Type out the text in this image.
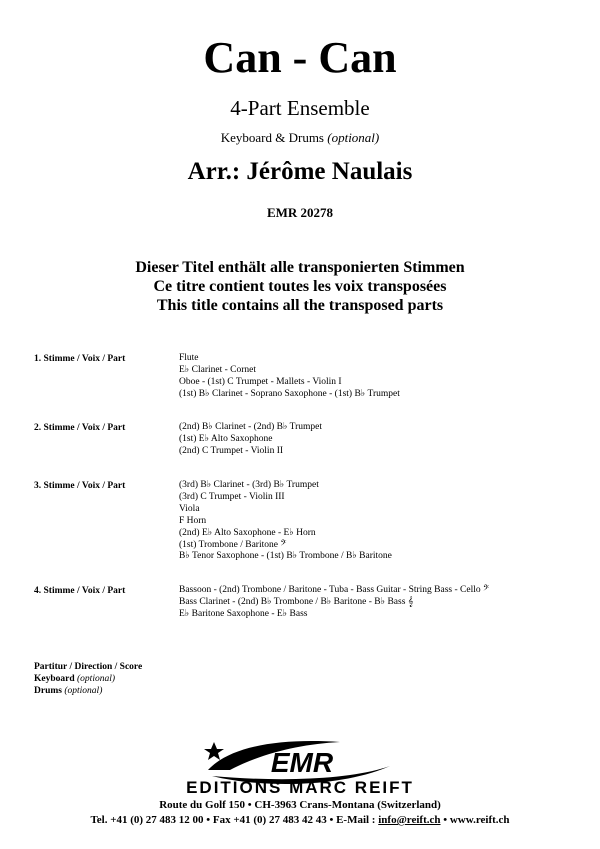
Can - Can
4-Part Ensemble
Keyboard & Drums (optional)
Arr.: Jérôme Naulais
EMR 20278
Dieser Titel enthält alle transponierten Stimmen
Ce titre contient toutes les voix transposées
This title contains all the transposed parts
1. Stimme / Voix / Part	Flute
E♭ Clarinet - Cornet
Oboe - (1st) C Trumpet - Mallets - Violin I
(1st) B♭ Clarinet - Soprano Saxophone - (1st) B♭ Trumpet
2. Stimme / Voix / Part	(2nd) B♭ Clarinet - (2nd) B♭ Trumpet
(1st) E♭ Alto Saxophone
(2nd) C Trumpet - Violin II
3. Stimme / Voix / Part	(3rd) B♭ Clarinet - (3rd) B♭ Trumpet
(3rd) C Trumpet - Violin III
Viola
F Horn
(2nd) E♭ Alto Saxophone - E♭ Horn
(1st) Trombone / Baritone 𝄢
B♭ Tenor Saxophone - (1st) B♭ Trombone / B♭ Baritone
4. Stimme / Voix / Part	Bassoon - (2nd) Trombone / Baritone - Tuba - Bass Guitar - String Bass - Cello 𝄢
Bass Clarinet - (2nd) B♭ Trombone / B♭ Baritone - B♭ Bass 𝄞
E♭ Baritone Saxophone - E♭ Bass
Partitur / Direction / Score
Keyboard (optional)
Drums (optional)
EMR
EDITIONS MARC REIFT
Route du Golf 150 • CH-3963 Crans-Montana (Switzerland)
Tel. +41 (0) 27 483 12 00 • Fax +41 (0) 27 483 42 43 • E-Mail : info@reift.ch • www.reift.ch
